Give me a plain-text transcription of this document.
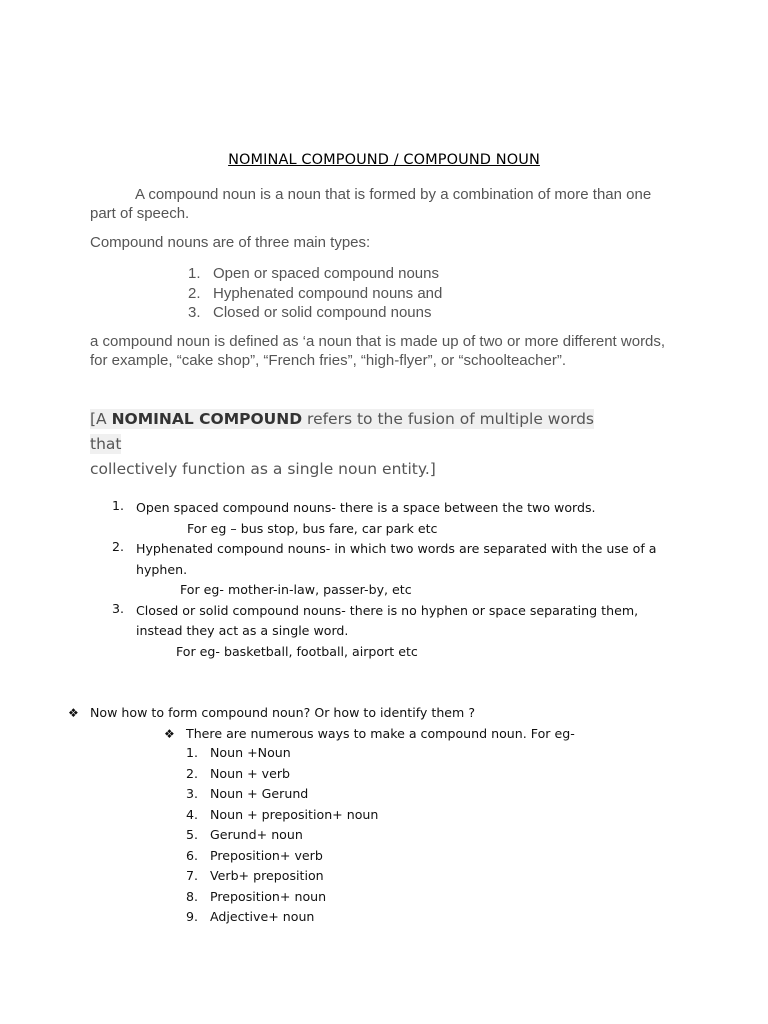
NOMINAL COMPOUND / COMPOUND NOUN
A compound noun is a noun that is formed by a combination of more than one part of speech.
Compound nouns are of three main types:
1. Open or spaced compound nouns
2. Hyphenated compound nouns and
3. Closed or solid compound nouns
a compound noun is defined as ‘a noun that is made up of two or more different words, for example, “cake shop”, “French fries”, “high-flyer”, or “schoolteacher”.
[A NOMINAL COMPOUND refers to the fusion of multiple words that
collectively function as a single noun entity.]
1. Open spaced compound nouns- there is a space between the two words.
For eg – bus stop, bus fare, car park etc
2. Hyphenated compound nouns- in which two words are separated with the use of a hyphen.
For eg- mother-in-law, passer-by, etc
3. Closed or solid compound nouns- there is no hyphen or space separating them, instead they act as a single word.
For eg- basketball, football, airport etc
❖ Now how to form compound noun? Or how to identify them ?
❖ There are numerous ways to make a compound noun. For eg-
1. Noun +Noun
2. Noun + verb
3. Noun + Gerund
4. Noun + preposition+ noun
5. Gerund+ noun
6. Preposition+ verb
7. Verb+ preposition
8. Preposition+ noun
9. Adjective+ noun
